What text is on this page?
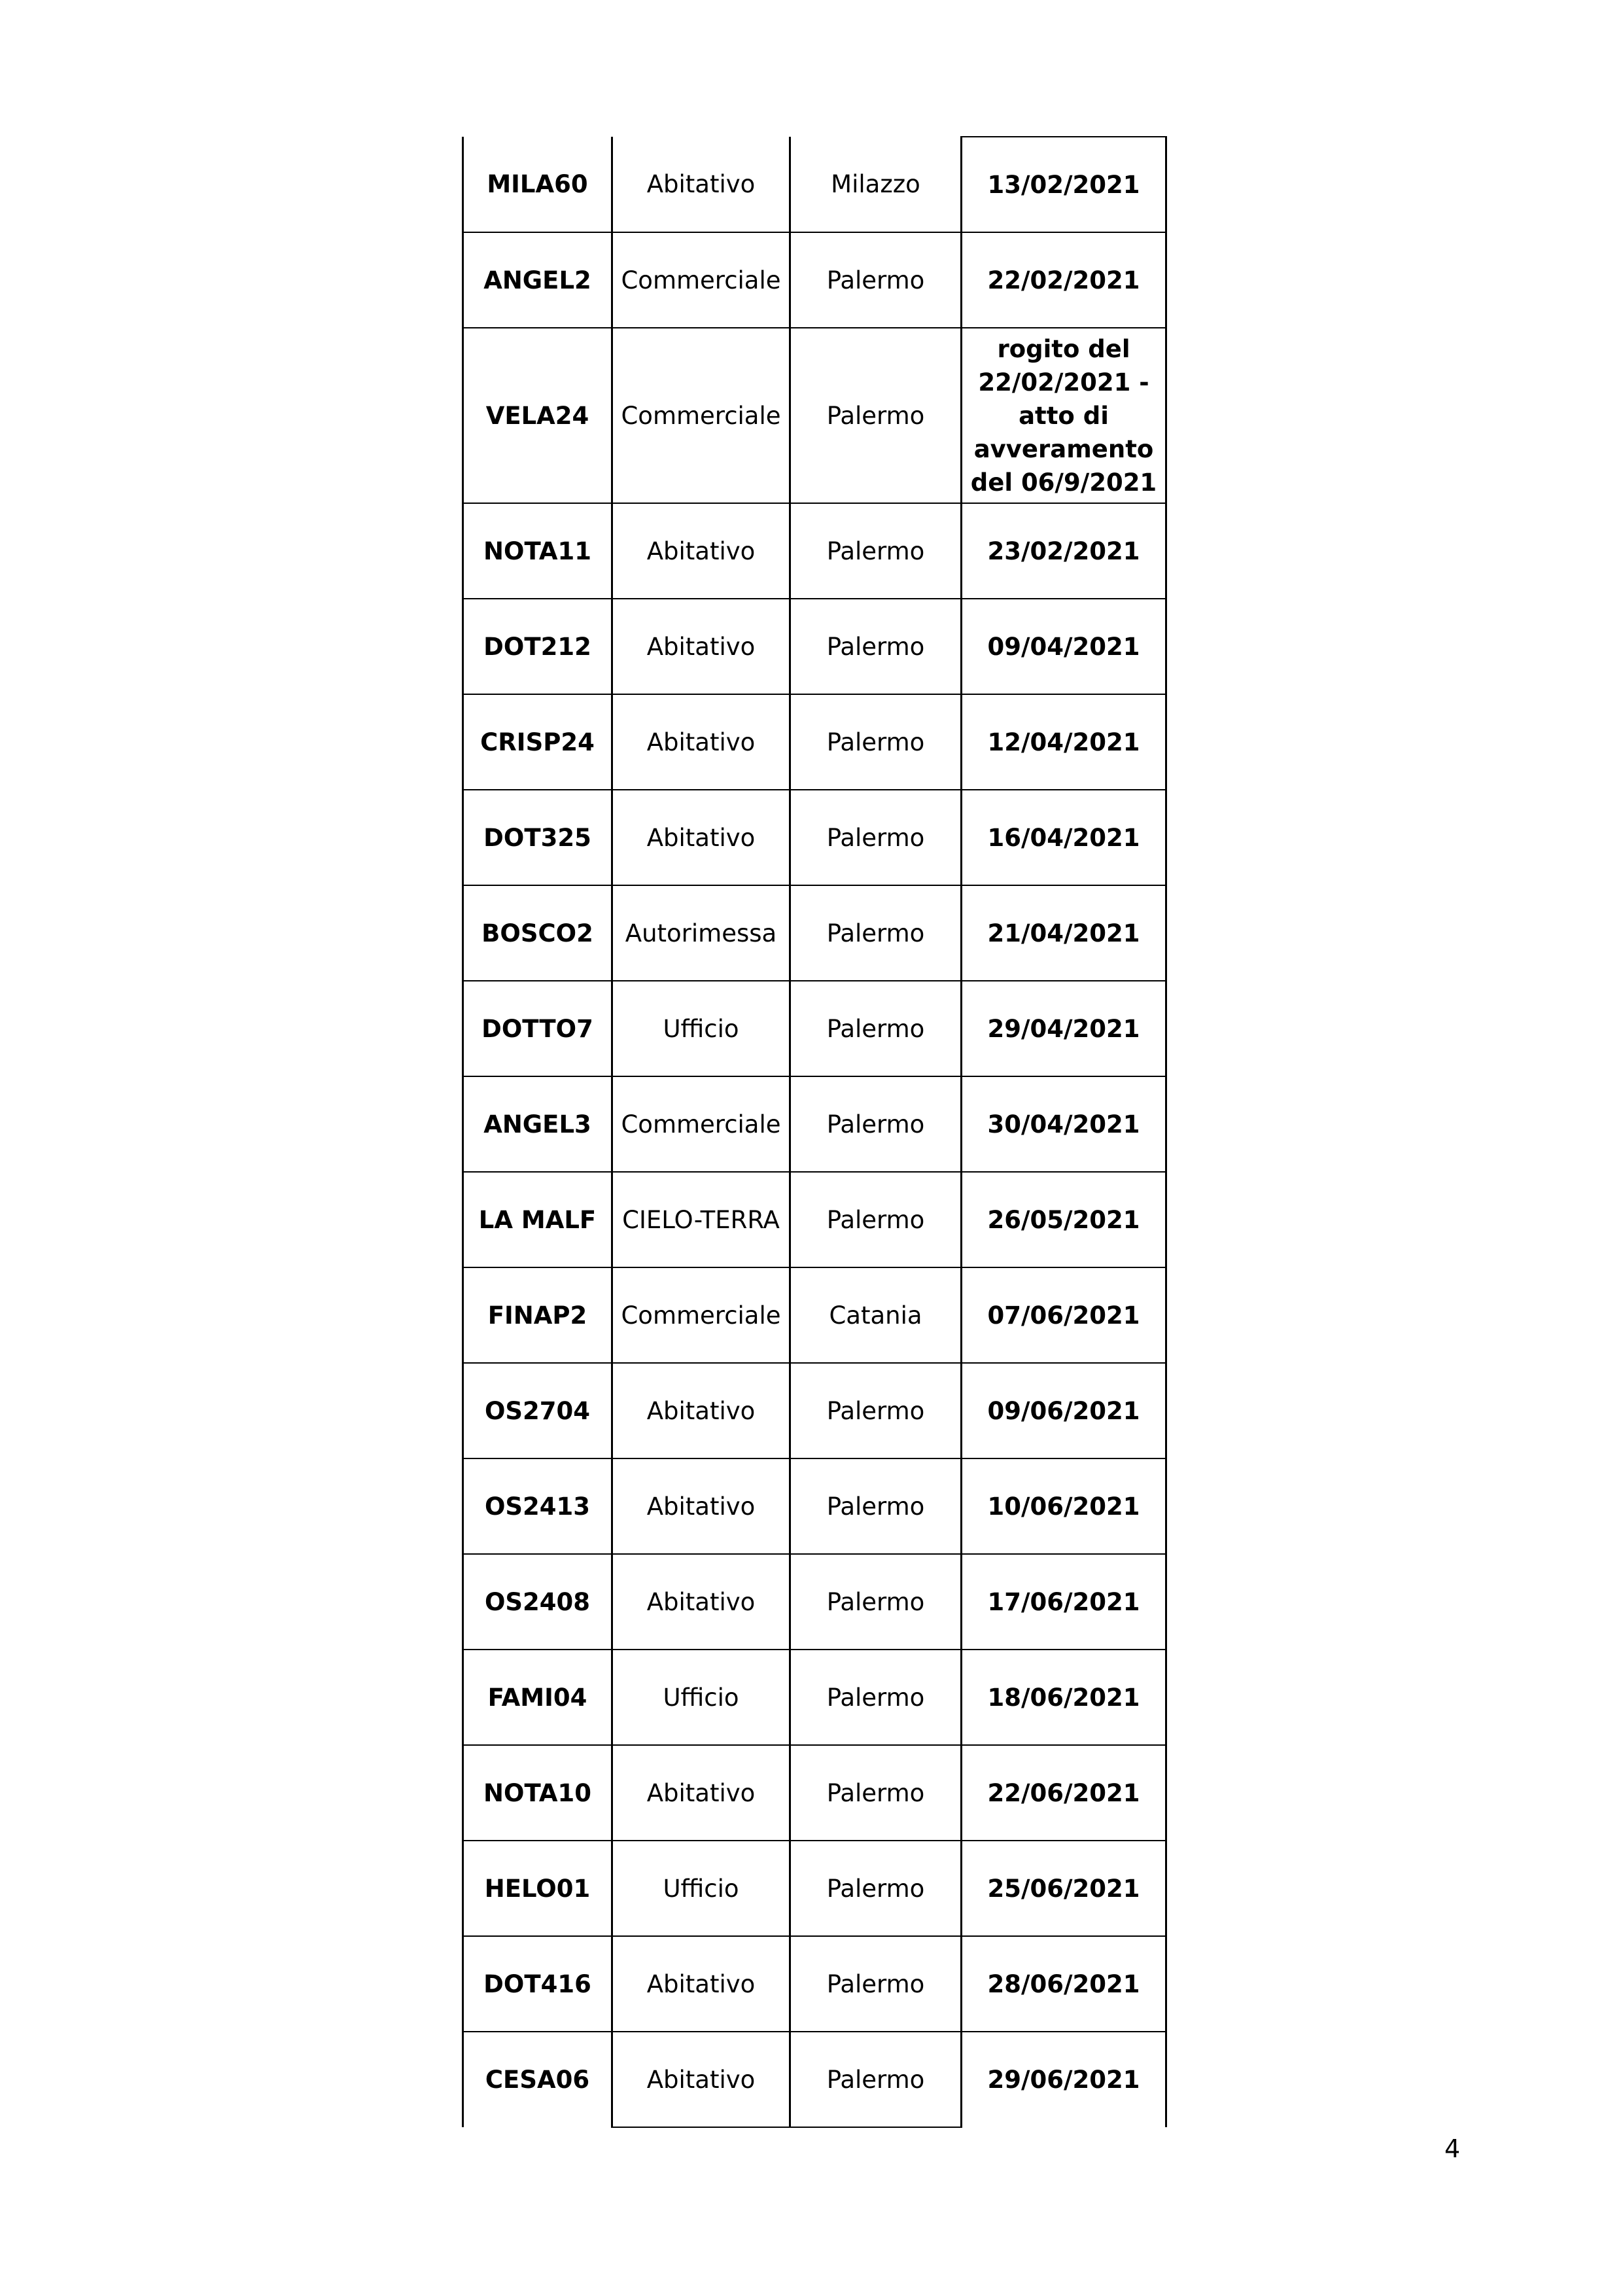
MILA60	Abitativo	Milazzo	13/02/2021
ANGEL2	Commerciale	Palermo	22/02/2021
VELA24	Commerciale	Palermo	rogito del 22/02/2021 - atto di avveramento del 06/9/2021
NOTA11	Abitativo	Palermo	23/02/2021
DOT212	Abitativo	Palermo	09/04/2021
CRISP24	Abitativo	Palermo	12/04/2021
DOT325	Abitativo	Palermo	16/04/2021
BOSCO2	Autorimessa	Palermo	21/04/2021
DOTTO7	Ufficio	Palermo	29/04/2021
ANGEL3	Commerciale	Palermo	30/04/2021
LA MALF	CIELO-TERRA	Palermo	26/05/2021
FINAP2	Commerciale	Catania	07/06/2021
OS2704	Abitativo	Palermo	09/06/2021
OS2413	Abitativo	Palermo	10/06/2021
OS2408	Abitativo	Palermo	17/06/2021
FAMI04	Ufficio	Palermo	18/06/2021
NOTA10	Abitativo	Palermo	22/06/2021
HELO01	Ufficio	Palermo	25/06/2021
DOT416	Abitativo	Palermo	28/06/2021
CESA06	Abitativo	Palermo	29/06/2021
4
